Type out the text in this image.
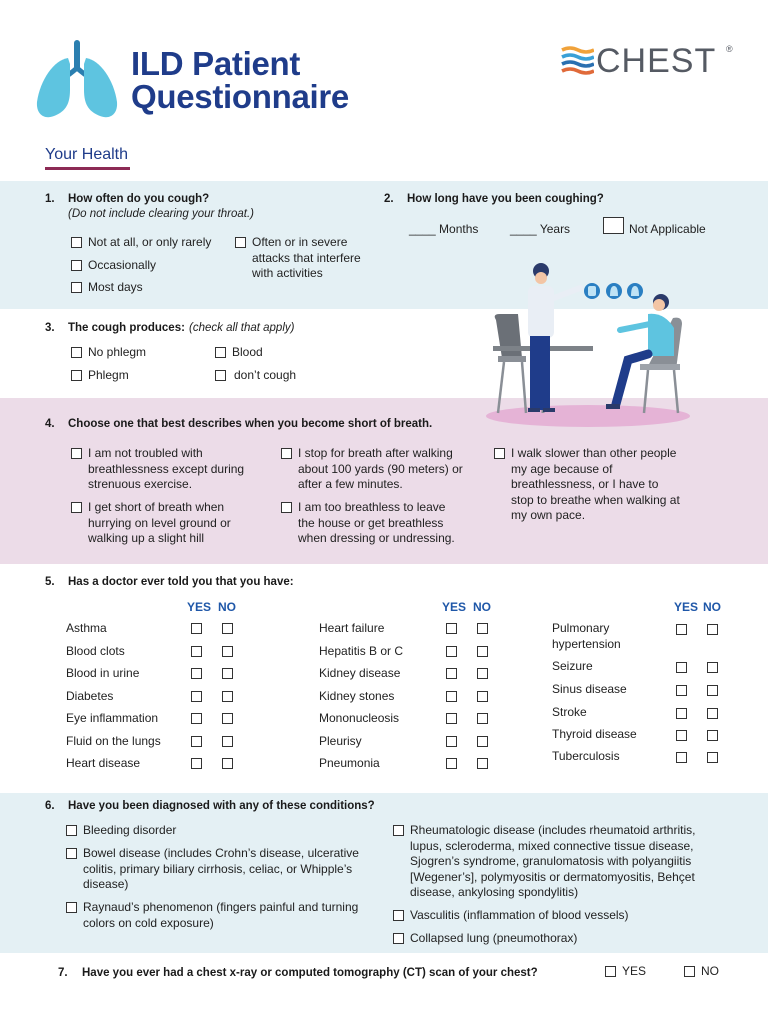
ILD Patient
Questionnaire
CHEST ®
Your Health
1. How often do you cough?
(Do not include clearing your throat.)
Not at all, or only rarely
Occasionally
Most days
Often or in severe attacks that interfere with activities
2. How long have you been coughing?
____ Months	____ Years	Not Applicable
3. The cough produces: (check all that apply)
No phlegm
Phlegm
Blood
don’t cough
4. Choose one that best describes when you become short of breath.
I am not troubled with breathlessness except during strenuous exercise.
I get short of breath when hurrying on level ground or walking up a slight hill
I stop for breath after walking about 100 yards (90 meters) or after a few minutes.
I am too breathless to leave the house or get breathless when dressing or undressing.
I walk slower than other people my age because of breathlessness, or I have to stop to breathe when walking at my own pace.
5. Has a doctor ever told you that you have:
YES NO	YES NO	YES NO
Asthma
Blood clots
Blood in urine
Diabetes
Eye inflammation
Fluid on the lungs
Heart disease
Heart failure
Hepatitis B or C
Kidney disease
Kidney stones
Mononucleosis
Pleurisy
Pneumonia
Pulmonary hypertension
Seizure
Sinus disease
Stroke
Thyroid disease
Tuberculosis
6. Have you been diagnosed with any of these conditions?
Bleeding disorder
Bowel disease (includes Crohn’s disease, ulcerative colitis, primary biliary cirrhosis, celiac, or Whipple’s disease)
Raynaud’s phenomenon (fingers painful and turning colors on cold exposure)
Rheumatologic disease (includes rheumatoid arthritis, lupus, scleroderma, mixed connective tissue disease, Sjogren’s syndrome, granulomatosis with polyangiitis [Wegener’s], polymyositis or dermatomyositis, Behçet disease, ankylosing spondylitis)
Vasculitis (inflammation of blood vessels)
Collapsed lung (pneumothorax)
7. Have you ever had a chest x-ray or computed tomography (CT) scan of your chest?	YES	NO
